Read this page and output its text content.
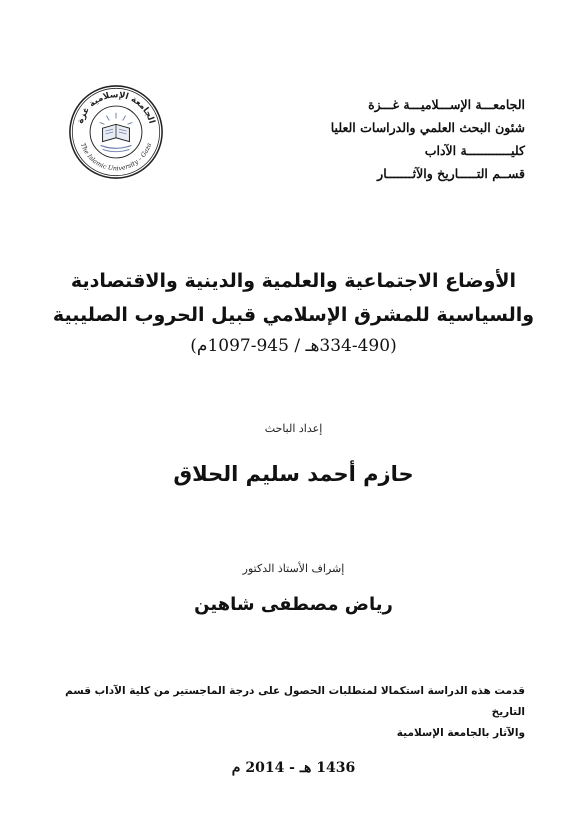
الجامعـــة الإســـلاميـــة غـــزة
شئون البحث العلمي والدراسات العليا
كليــــــــــــة الآداب
قســم التـــــاريخ والآثـــــــار
الجامعة الإسلامية غزة
The Islamic University – Gaza
الأوضاع الاجتماعية والعلمية والدينية والاقتصادية
والسياسية للمشرق الإسلامي قبيل الحروب الصليبية
(334-490هـ / 945-1097م)
إعداد الباحث
حازم أحمد سليم الحلاق
إشراف الأستاذ الدكتور
رياض مصطفى شاهين
قدمت هذه الدراسة استكمالا لمتطلبات الحصول على درجة الماجستير من كلية الآداب قسم التاريخ
والآثار بالجامعة الإسلامية
1436 هـ - 2014 م
